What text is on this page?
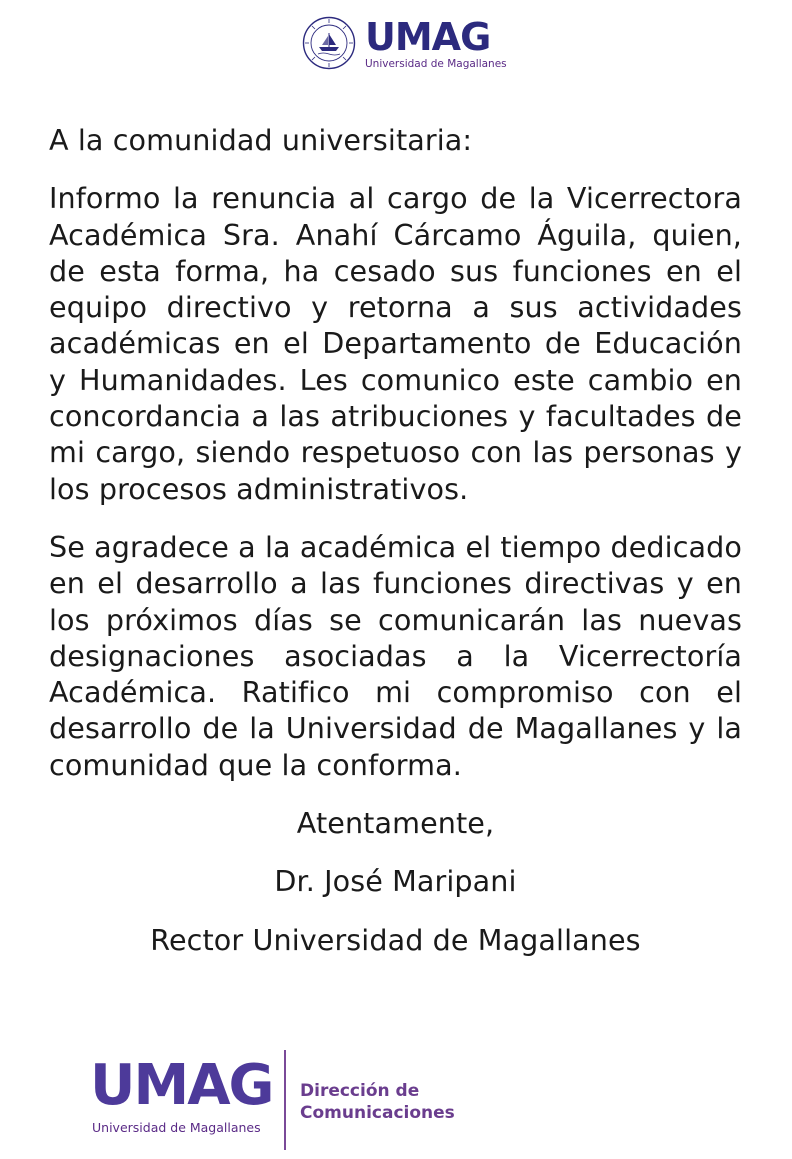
UMAG
Universidad de Magallanes

A la comunidad universitaria:

Informo la renuncia al cargo de la Vicerrectora Académica Sra. Anahí Cárcamo Águila, quien, de esta forma, ha cesado sus funciones en el equipo directivo y retorna a sus actividades académicas en el Departamento de Educación y Humanidades. Les comunico este cambio en concordancia a las atribuciones y facultades de mi cargo, siendo respetuoso con las personas y los procesos administrativos.

Se agradece a la académica el tiempo dedicado en el desarrollo a las funciones directivas y en los próximos días se comunicarán las nuevas designaciones asociadas a la Vicerrectoría Académica. Ratifico mi compromiso con el desarrollo de la Universidad de Magallanes y la comunidad que la conforma.

Atentamente,

Dr. José Maripani

Rector Universidad de Magallanes

UMAG
Universidad de Magallanes
Dirección de
Comunicaciones
